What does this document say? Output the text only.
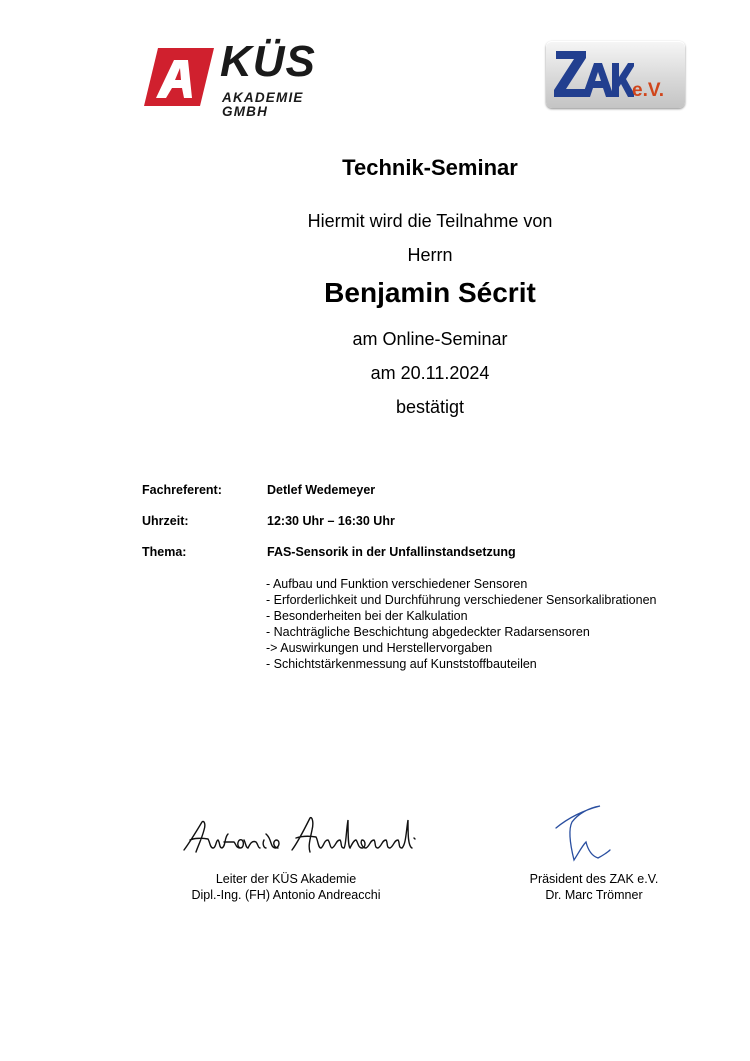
KÜS
AKADEMIE GMBH
e.V.
Technik-Seminar
Hiermit wird die Teilnahme von
Herrn
Benjamin Sécrit
am Online-Seminar
am 20.11.2024
bestätigt
Fachreferent:	Detlef Wedemeyer
Uhrzeit:	12:30 Uhr – 16:30 Uhr
Thema:	FAS-Sensorik in der Unfallinstandsetzung
- Aufbau und Funktion verschiedener Sensoren
- Erforderlichkeit und Durchführung verschiedener Sensorkalibrationen
- Besonderheiten bei der Kalkulation
- Nachträgliche Beschichtung abgedeckter Radarsensoren
-> Auswirkungen und Herstellervorgaben
- Schichtstärkenmessung auf Kunststoffbauteilen
Leiter der KÜS Akademie
Dipl.-Ing. (FH) Antonio Andreacchi
Präsident des ZAK e.V.
Dr. Marc Trömner
